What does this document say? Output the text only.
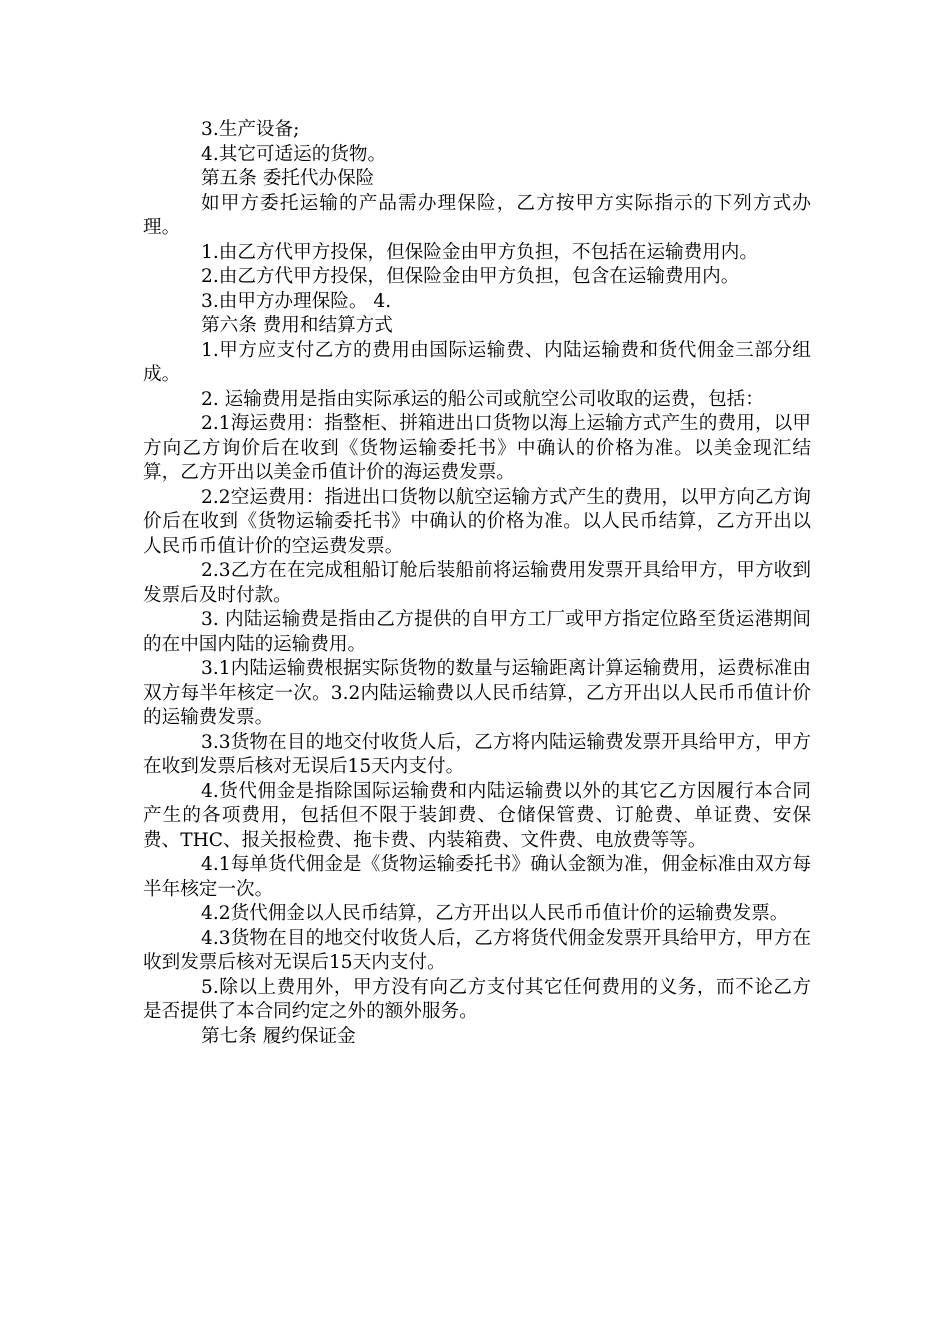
3.生产设备;

4.其它可适运的货物。

第五条 委托代办保险

如甲方委托运输的产品需办理保险，乙方按甲方实际指示的下列方式办理。

1.由乙方代甲方投保，但保险金由甲方负担，不包括在运输费用内。

2.由乙方代甲方投保，但保险金由甲方负担，包含在运输费用内。

3.由甲方办理保险。 4.

第六条 费用和结算方式

1.甲方应支付乙方的费用由国际运输费、内陆运输费和货代佣金三部分组成。

2. 运输费用是指由实际承运的船公司或航空公司收取的运费，包括：

2.1海运费用：指整柜、拼箱进出口货物以海上运输方式产生的费用，以甲方向乙方询价后在收到《货物运输委托书》中确认的价格为准。以美金现汇结算，乙方开出以美金币值计价的海运费发票。

2.2空运费用：指进出口货物以航空运输方式产生的费用，以甲方向乙方询价后在收到《货物运输委托书》中确认的价格为准。以人民币结算，乙方开出以人民币币值计价的空运费发票。

2.3乙方在在完成租船订舱后装船前将运输费用发票开具给甲方，甲方收到发票后及时付款。

3. 内陆运输费是指由乙方提供的自甲方工厂或甲方指定位路至货运港期间的在中国内陆的运输费用。

3.1内陆运输费根据实际货物的数量与运输距离计算运输费用，运费标准由双方每半年核定一次。3.2内陆运输费以人民币结算，乙方开出以人民币币值计价的运输费发票。

3.3货物在目的地交付收货人后，乙方将内陆运输费发票开具给甲方，甲方在收到发票后核对无误后15天内支付。

4.货代佣金是指除国际运输费和内陆运输费以外的其它乙方因履行本合同产生的各项费用，包括但不限于装卸费、仓储保管费、订舱费、单证费、安保费、THC、报关报检费、拖卡费、内装箱费、文件费、电放费等等。

4.1每单货代佣金是《货物运输委托书》确认金额为准，佣金标准由双方每半年核定一次。

4.2货代佣金以人民币结算，乙方开出以人民币币值计价的运输费发票。

4.3货物在目的地交付收货人后，乙方将货代佣金发票开具给甲方，甲方在收到发票后核对无误后15天内支付。

5.除以上费用外，甲方没有向乙方支付其它任何费用的义务，而不论乙方是否提供了本合同约定之外的额外服务。

第七条 履约保证金
